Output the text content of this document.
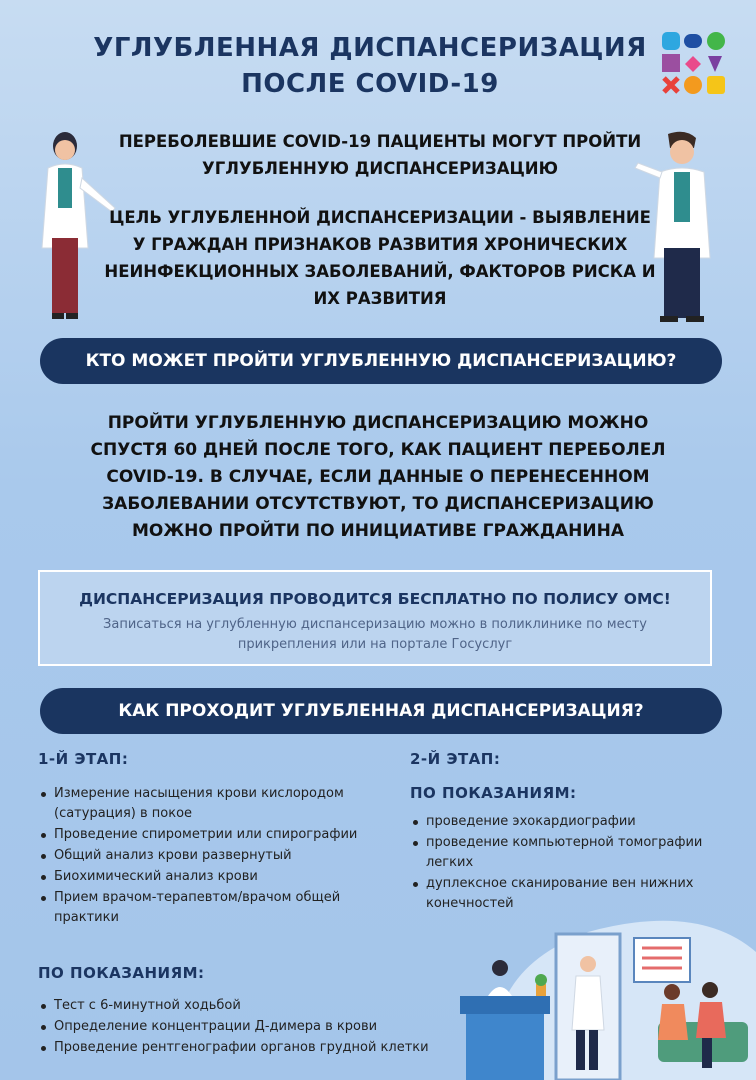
УГЛУБЛЕННАЯ ДИСПАНСЕРИЗАЦИЯ
ПОСЛЕ COVID-19

ПЕРЕБОЛЕВШИЕ COVID-19 ПАЦИЕНТЫ МОГУТ ПРОЙТИ УГЛУБЛЕННУЮ ДИСПАНСЕРИЗАЦИЮ

ЦЕЛЬ УГЛУБЛЕННОЙ ДИСПАНСЕРИЗАЦИИ - ВЫЯВЛЕНИЕ У ГРАЖДАН ПРИЗНАКОВ РАЗВИТИЯ ХРОНИЧЕСКИХ НЕИНФЕКЦИОННЫХ ЗАБОЛЕВАНИЙ, ФАКТОРОВ РИСКА И ИХ РАЗВИТИЯ

КТО МОЖЕТ ПРОЙТИ УГЛУБЛЕННУЮ ДИСПАНСЕРИЗАЦИЮ?
ПРОЙТИ УГЛУБЛЕННУЮ ДИСПАНСЕРИЗАЦИЮ МОЖНО СПУСТЯ 60 ДНЕЙ ПОСЛЕ ТОГО, КАК ПАЦИЕНТ ПЕРЕБОЛЕЛ COVID-19. В СЛУЧАЕ, ЕСЛИ ДАННЫЕ О ПЕРЕНЕСЕННОМ ЗАБОЛЕВАНИИ ОТСУТСТВУЮТ, ТО ДИСПАНСЕРИЗАЦИЮ МОЖНО ПРОЙТИ ПО ИНИЦИАТИВЕ ГРАЖДАНИНА
ДИСПАНСЕРИЗАЦИЯ ПРОВОДИТСЯ БЕСПЛАТНО ПО ПОЛИСУ ОМС!
Записаться на углубленную диспансеризацию можно в поликлинике по месту прикрепления или на портале Госуслуг
КАК ПРОХОДИТ УГЛУБЛЕННАЯ ДИСПАНСЕРИЗАЦИЯ?
1-Й ЭТАП:
Измерение насыщения крови кислородом (сатурация) в покое
Проведение спирометрии или спирографии
Общий анализ крови развернутый
Биохимический анализ крови
Прием врачом-терапевтом/врачом общей практики
ПО ПОКАЗАНИЯМ:
Тест с 6-минутной ходьбой
Определение концентрации Д-димера в крови
Проведение рентгенографии органов грудной клетки
2-Й ЭТАП:
ПО ПОКАЗАНИЯМ:
проведение эхокардиографии
проведение компьютерной томографии легких
дуплексное сканирование вен нижних конечностей
